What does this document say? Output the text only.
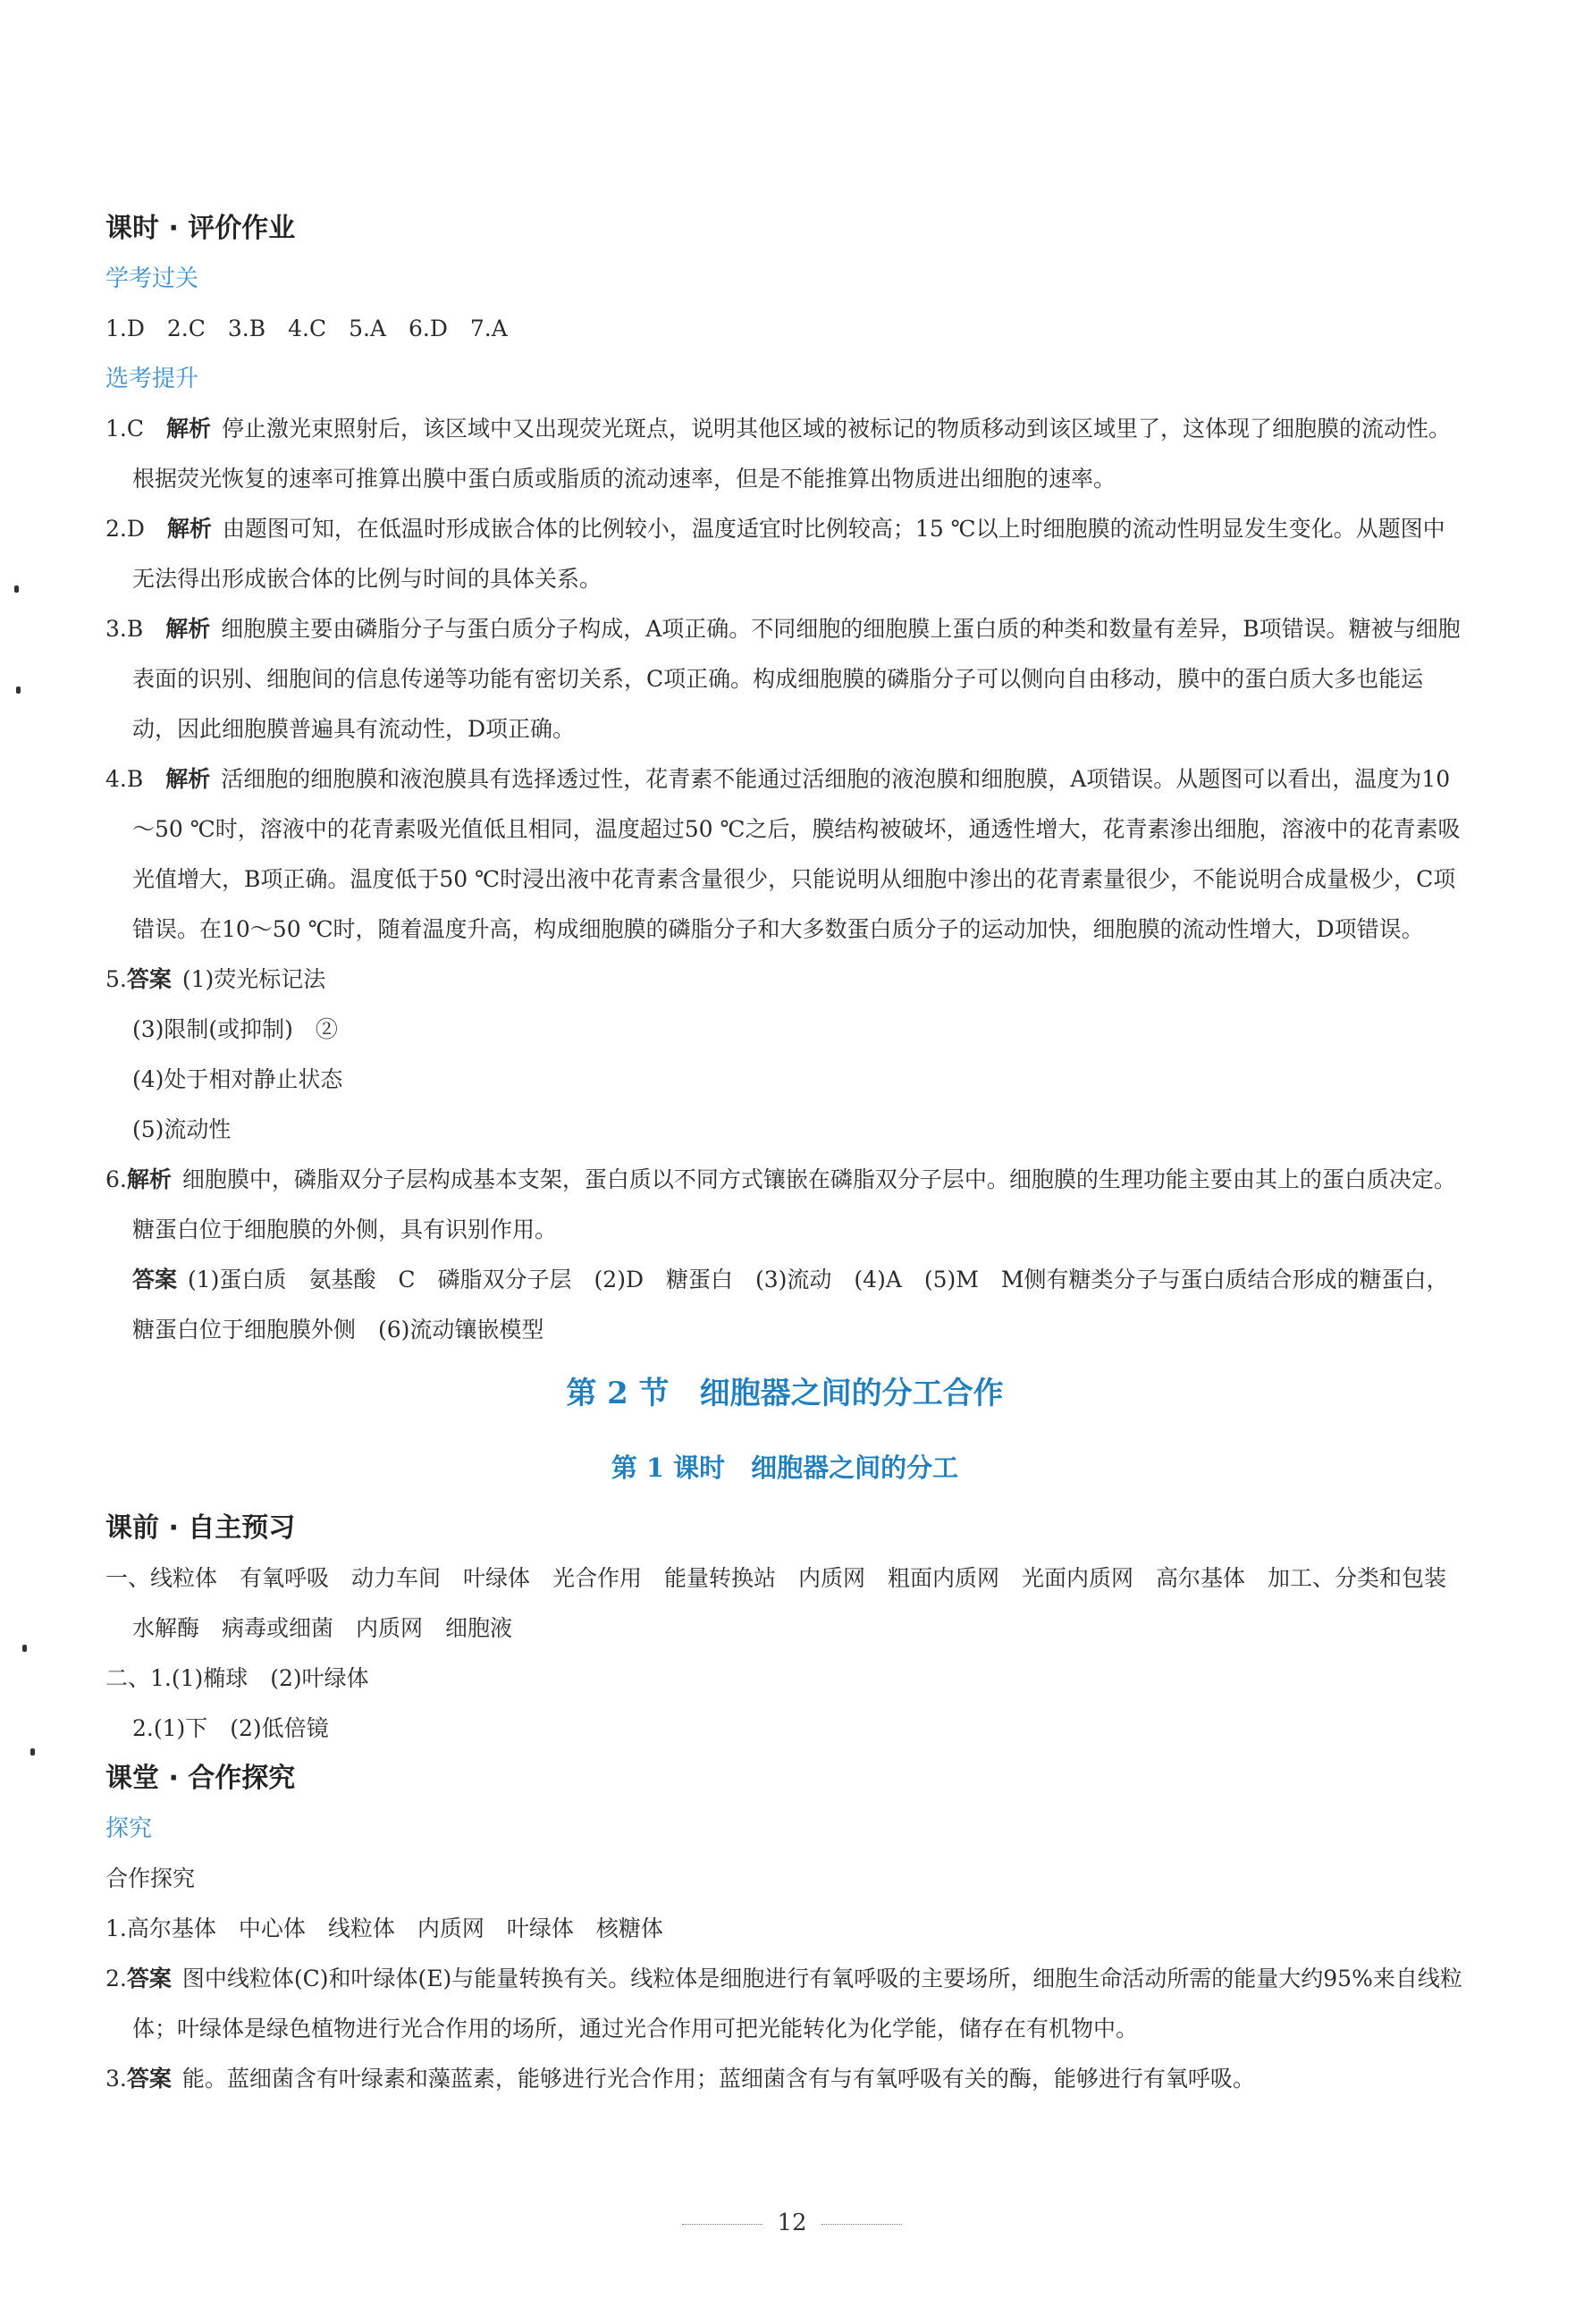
课时 · 评价作业
学考过关

1.D　2.C　3.B　4.C　5.A　6.D　7.A

选考提升

1.C　解析 停止激光束照射后，该区域中又出现荧光斑点，说明其他区域的被标记的物质移动到该区域里了，这体现了细胞膜的流动性。根据荧光恢复的速率可推算出膜中蛋白质或脂质的流动速率，但是不能推算出物质进出细胞的速率。

2.D　解析 由题图可知，在低温时形成嵌合体的比例较小，温度适宜时比例较高；15 ℃以上时细胞膜的流动性明显发生变化。从题图中无法得出形成嵌合体的比例与时间的具体关系。

3.B　解析 细胞膜主要由磷脂分子与蛋白质分子构成，A项正确。不同细胞的细胞膜上蛋白质的种类和数量有差异，B项错误。糖被与细胞表面的识别、细胞间的信息传递等功能有密切关系，C项正确。构成细胞膜的磷脂分子可以侧向自由移动，膜中的蛋白质大多也能运动，因此细胞膜普遍具有流动性，D项正确。

4.B　解析 活细胞的细胞膜和液泡膜具有选择透过性，花青素不能通过活细胞的液泡膜和细胞膜，A项错误。从题图可以看出，温度为10～50 ℃时，溶液中的花青素吸光值低且相同，温度超过50 ℃之后，膜结构被破坏，通透性增大，花青素渗出细胞，溶液中的花青素吸光值增大，B项正确。温度低于50 ℃时浸出液中花青素含量很少，只能说明从细胞中渗出的花青素量很少，不能说明合成量极少，C项错误。在10～50 ℃时，随着温度升高，构成细胞膜的磷脂分子和大多数蛋白质分子的运动加快，细胞膜的流动性增大，D项错误。

5.答案 (1)荧光标记法

(3)限制(或抑制)　②

(4)处于相对静止状态

(5)流动性

6.解析 细胞膜中，磷脂双分子层构成基本支架，蛋白质以不同方式镶嵌在磷脂双分子层中。细胞膜的生理功能主要由其上的蛋白质决定。糖蛋白位于细胞膜的外侧，具有识别作用。

答案 (1)蛋白质　氨基酸　C　磷脂双分子层　(2)D　糖蛋白　(3)流动　(4)A　(5)M　M侧有糖类分子与蛋白质结合形成的糖蛋白，糖蛋白位于细胞膜外侧　(6)流动镶嵌模型

第 2 节　细胞器之间的分工合作
第 1 课时　细胞器之间的分工
课前 · 自主预习

一、线粒体　有氧呼吸　动力车间　叶绿体　光合作用　能量转换站　内质网　粗面内质网　光面内质网　高尔基体　加工、分类和包装　水解酶　病毒或细菌　内质网　细胞液

二、1.(1)椭球　(2)叶绿体

2.(1)下　(2)低倍镜

课堂 · 合作探究
探究

合作探究

1.高尔基体　中心体　线粒体　内质网　叶绿体　核糖体

2.答案 图中线粒体(C)和叶绿体(E)与能量转换有关。线粒体是细胞进行有氧呼吸的主要场所，细胞生命活动所需的能量大约95%来自线粒体；叶绿体是绿色植物进行光合作用的场所，通过光合作用可把光能转化为化学能，储存在有机物中。

3.答案 能。蓝细菌含有叶绿素和藻蓝素，能够进行光合作用；蓝细菌含有与有氧呼吸有关的酶，能够进行有氧呼吸。

12
